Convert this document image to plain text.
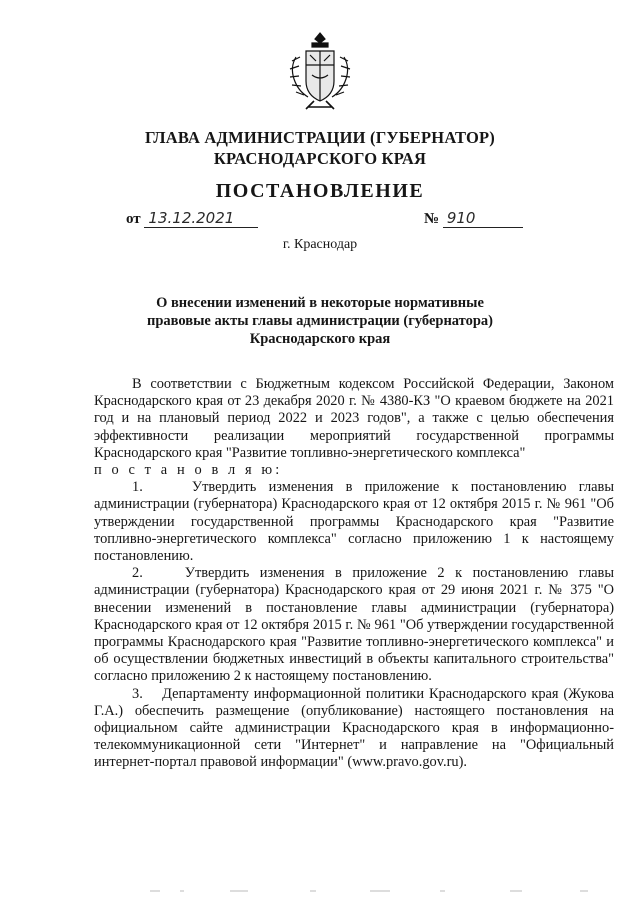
ГЛАВА АДМИНИСТРАЦИИ (ГУБЕРНАТОР)
КРАСНОДАРСКОГО КРАЯ
ПОСТАНОВЛЕНИЕ
от 13.12.2021	№ 910
г. Краснодар
О внесении изменений в некоторые нормативные
правовые акты главы администрации (губернатора)
Краснодарского края

В соответствии с Бюджетным кодексом Российской Федерации, Законом Краснодарского края от 23 декабря 2020 г. № 4380-КЗ "О краевом бюджете на 2021 год и на плановый период 2022 и 2023 годов", а также с целью обеспечения эффективности реализации мероприятий государственной программы Краснодарского края "Развитие топливно-энергетического комплекса"

п о с т а н о в л я ю:

1.    Утвердить изменения в приложение к постановлению главы администрации (губернатора) Краснодарского края от 12 октября 2015 г. № 961 "Об утверждении государственной программы Краснодарского края "Развитие топливно-энергетического комплекса" согласно приложению 1 к настоящему постановлению.

2.    Утвердить изменения в приложение 2 к постановлению главы администрации (губернатора) Краснодарского края от 29 июня 2021 г. № 375 "О внесении изменений в постановление главы администрации (губернатора) Краснодарского края от 12 октября 2015 г. № 961 "Об утверждении государственной программы Краснодарского края "Развитие топливно-энергетического комплекса" и об осуществлении бюджетных инвестиций в объекты капитального строительства" согласно приложению 2 к настоящему постановлению.

3.    Департаменту информационной политики Краснодарского края (Жукова Г.А.) обеспечить размещение (опубликование) настоящего постановления на официальном сайте администрации Краснодарского края в информационно-телекоммуникационной сети "Интернет" и направление на "Официальный интернет-портал правовой информации" (www.pravo.gov.ru).
